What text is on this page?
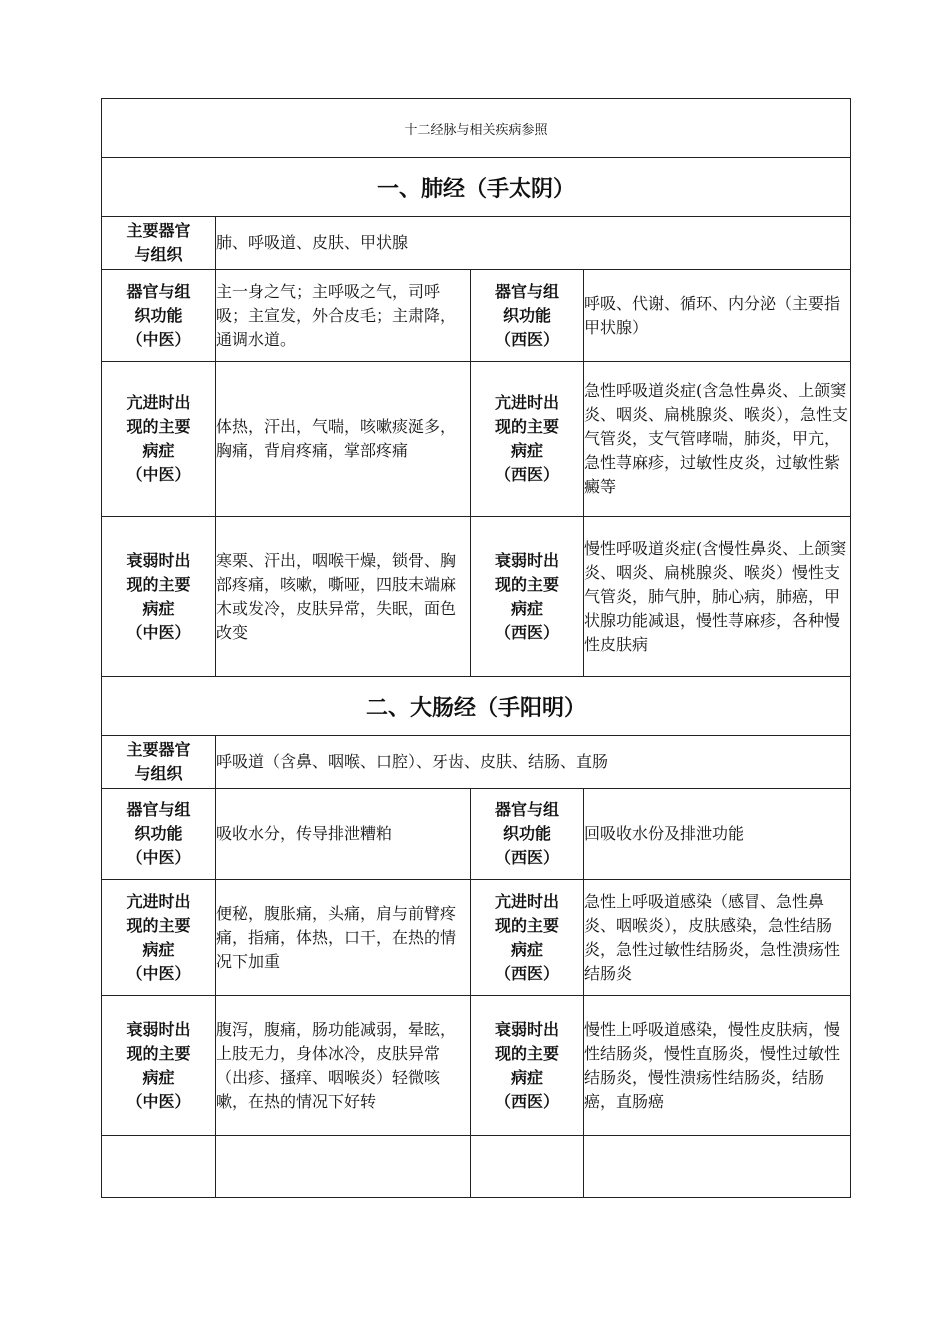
十二经脉与相关疾病参照			
一、肺经（手太阴）			

主要器官
与组织	肺、呼吸道、皮肤、甲状腺		

器官与组
织功能
（中医）	主一身之气；主呼吸之气，司呼吸；主宣发，外合皮毛；主肃降，通调水道。	器官与组
织功能
（西医）	呼吸、代谢、循环、内分泌（主要指甲状腺）

亢进时出
现的主要
病症
（中医）	体热，汗出，气喘，咳嗽痰涎多，胸痛，背肩疼痛，掌部疼痛	亢进时出
现的主要
病症
（西医）	急性呼吸道炎症(含急性鼻炎、上颌窦炎、咽炎、扁桃腺炎、喉炎），急性支气管炎，支气管哮喘，肺炎，甲亢，急性荨麻疹，过敏性皮炎，过敏性紫癜等

衰弱时出
现的主要
病症
（中医）	寒栗、汗出，咽喉干燥，锁骨、胸部疼痛，咳嗽，嘶哑，四肢末端麻木或发冷，皮肤异常，失眠，面色改变	衰弱时出
现的主要
病症
（西医）	慢性呼吸道炎症(含慢性鼻炎、上颌窦炎、咽炎、扁桃腺炎、喉炎）慢性支气管炎，肺气肿，肺心病，肺癌，甲状腺功能减退，慢性荨麻疹，各种慢性皮肤病
二、大肠经（手阳明）			

主要器官
与组织	呼吸道（含鼻、咽喉、口腔）、牙齿、皮肤、结肠、直肠		

器官与组
织功能
（中医）	吸收水分，传导排泄糟粕	器官与组
织功能
（西医）	回吸收水份及排泄功能

亢进时出
现的主要
病症
（中医）	便秘，腹胀痛，头痛，肩与前臂疼痛，指痛，体热，口干，在热的情况下加重	亢进时出
现的主要
病症
（西医）	急性上呼吸道感染（感冒、急性鼻炎、咽喉炎），皮肤感染，急性结肠炎，急性过敏性结肠炎，急性溃疡性结肠炎

衰弱时出
现的主要
病症
（中医）	腹泻，腹痛，肠功能减弱，晕眩，上肢无力，身体冰冷，皮肤异常（出疹、搔痒、咽喉炎）轻微咳嗽，在热的情况下好转	衰弱时出
现的主要
病症
（西医）	慢性上呼吸道感染，慢性皮肤病，慢性结肠炎，慢性直肠炎，慢性过敏性结肠炎，慢性溃疡性结肠炎，结肠癌，直肠癌
